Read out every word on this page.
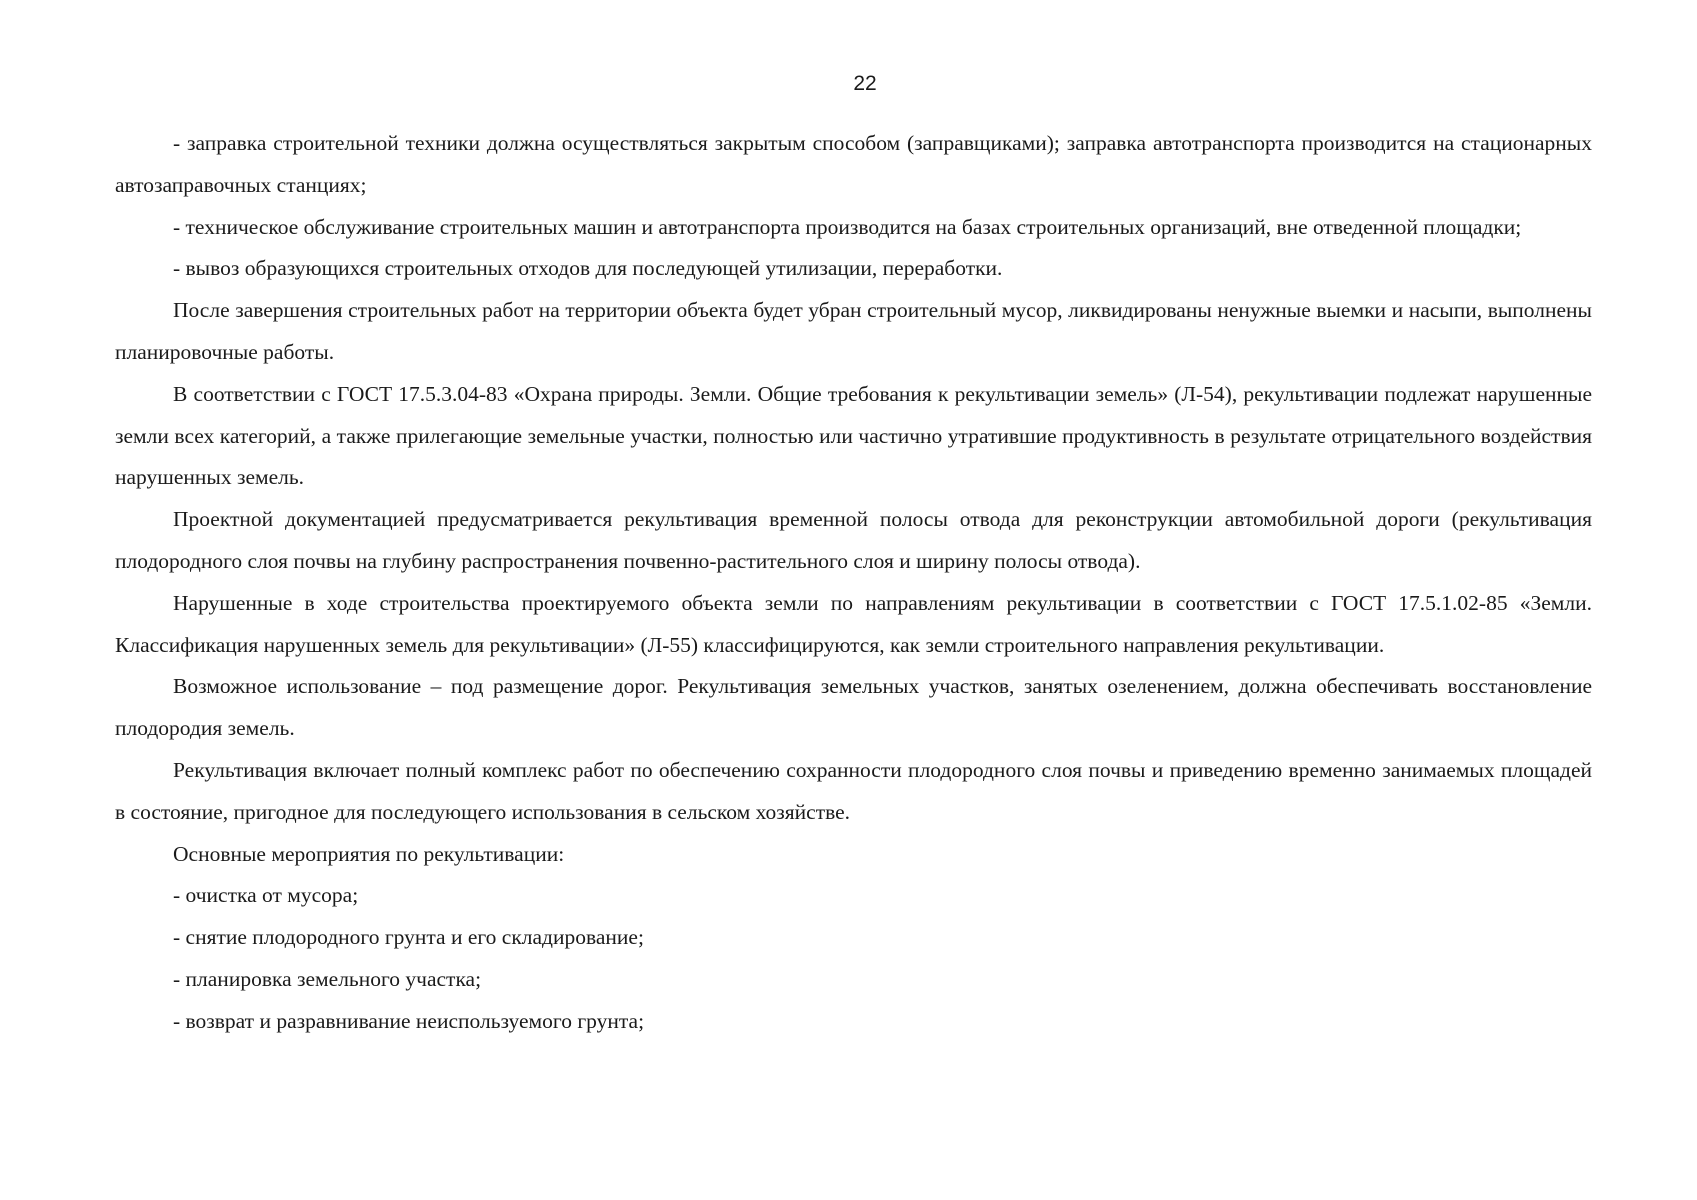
22

- заправка строительной техники должна осуществляться закрытым способом (заправщиками); заправка автотранспорта производится на стационарных автозаправочных станциях;

- техническое обслуживание строительных машин и автотранспорта производится на базах строительных организаций, вне отведенной площадки;

- вывоз образующихся строительных отходов для последующей утилизации, переработки.

После завершения строительных работ на территории объекта будет убран строительный мусор, ликвидированы ненужные выемки и насыпи, выполнены планировочные работы.

В соответствии с ГОСТ 17.5.3.04-83 «Охрана природы. Земли. Общие требования к рекультивации земель» (Л-54), рекультивации подлежат нарушенные земли всех категорий, а также прилегающие земельные участки, полностью или частично утратившие продуктивность в результате отрицательного воздействия нарушенных земель.

Проектной документацией предусматривается рекультивация временной полосы отвода для реконструкции автомобильной дороги (рекультивация плодородного слоя почвы на глубину распространения почвенно-растительного слоя и ширину полосы отвода).

Нарушенные в ходе строительства проектируемого объекта земли по направлениям рекультивации в соответствии с ГОСТ 17.5.1.02-85 «Земли. Классификация нарушенных земель для рекультивации» (Л-55) классифицируются, как земли строительного направления рекультивации.

Возможное использование – под размещение дорог. Рекультивация земельных участков, занятых озеленением, должна обеспечивать восстановление плодородия земель.

Рекультивация включает полный комплекс работ по обеспечению сохранности плодородного слоя почвы и приведению временно занимаемых площадей в состояние, пригодное для последующего использования в сельском хозяйстве.

Основные мероприятия по рекультивации:

- очистка от мусора;

- снятие плодородного грунта и его складирование;

- планировка земельного участка;

- возврат и разравнивание неиспользуемого грунта;
